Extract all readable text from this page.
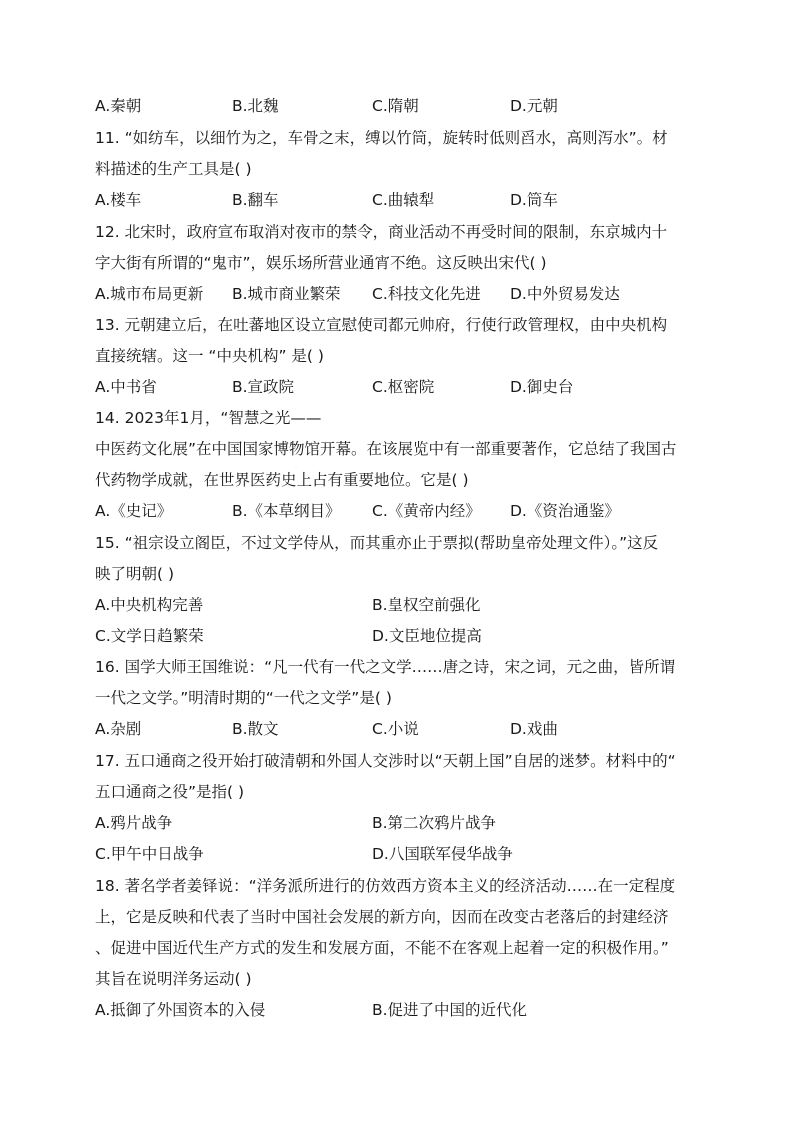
A.秦朝	B.北魏	C.隋朝	D.元朝
11. “如纺车，以细竹为之，车骨之末，缚以竹筒，旋转时低则舀水，高则泻水”。材
料描述的生产工具是( )
A.楼车	B.翻车	C.曲辕犁	D.筒车
12. 北宋时，政府宣布取消对夜市的禁令，商业活动不再受时间的限制，东京城内十
字大街有所谓的“鬼市”，娱乐场所营业通宵不绝。这反映出宋代( )
A.城市布局更新 B.城市商业繁荣 C.科技文化先进 D.中外贸易发达
13. 元朝建立后，在吐蕃地区设立宣慰使司都元帅府，行使行政管理权，由中央机构
直接统辖。这一 “中央机构” 是( )
A.中书省	B.宣政院	C.枢密院	D.御史台
14. 2023年1月，“智慧之光——
中医药文化展”在中国国家博物馆开幕。在该展览中有一部重要著作，它总结了我国古
代药物学成就，在世界医药史上占有重要地位。它是( )
A.《史记》	B.《本草纲目》 C.《黄帝内经》 D.《资治通鉴》
15. “祖宗设立阁臣，不过文学侍从，而其重亦止于票拟(帮助皇帝处理文件）。”这反
映了明朝( )
A.中央机构完善	B.皇权空前强化
C.文学日趋繁荣	D.文臣地位提高
16. 国学大师王国维说：“凡一代有一代之文学……唐之诗，宋之词，元之曲，皆所谓
一代之文学。”明清时期的“一代之文学”是( )
A.杂剧	B.散文	C.小说	D.戏曲
17. 五口通商之役开始打破清朝和外国人交涉时以“天朝上国”自居的迷梦。材料中的“
五口通商之役”是指( )
A.鸦片战争	B.第二次鸦片战争
C.甲午中日战争	D.八国联军侵华战争
18. 著名学者姜铎说：“洋务派所进行的仿效西方资本主义的经济活动……在一定程度
上，它是反映和代表了当时中国社会发展的新方向，因而在改变古老落后的封建经济
、促进中国近代生产方式的发生和发展方面，不能不在客观上起着一定的积极作用。”
其旨在说明洋务运动( )
A.抵御了外国资本的入侵	B.促进了中国的近代化
